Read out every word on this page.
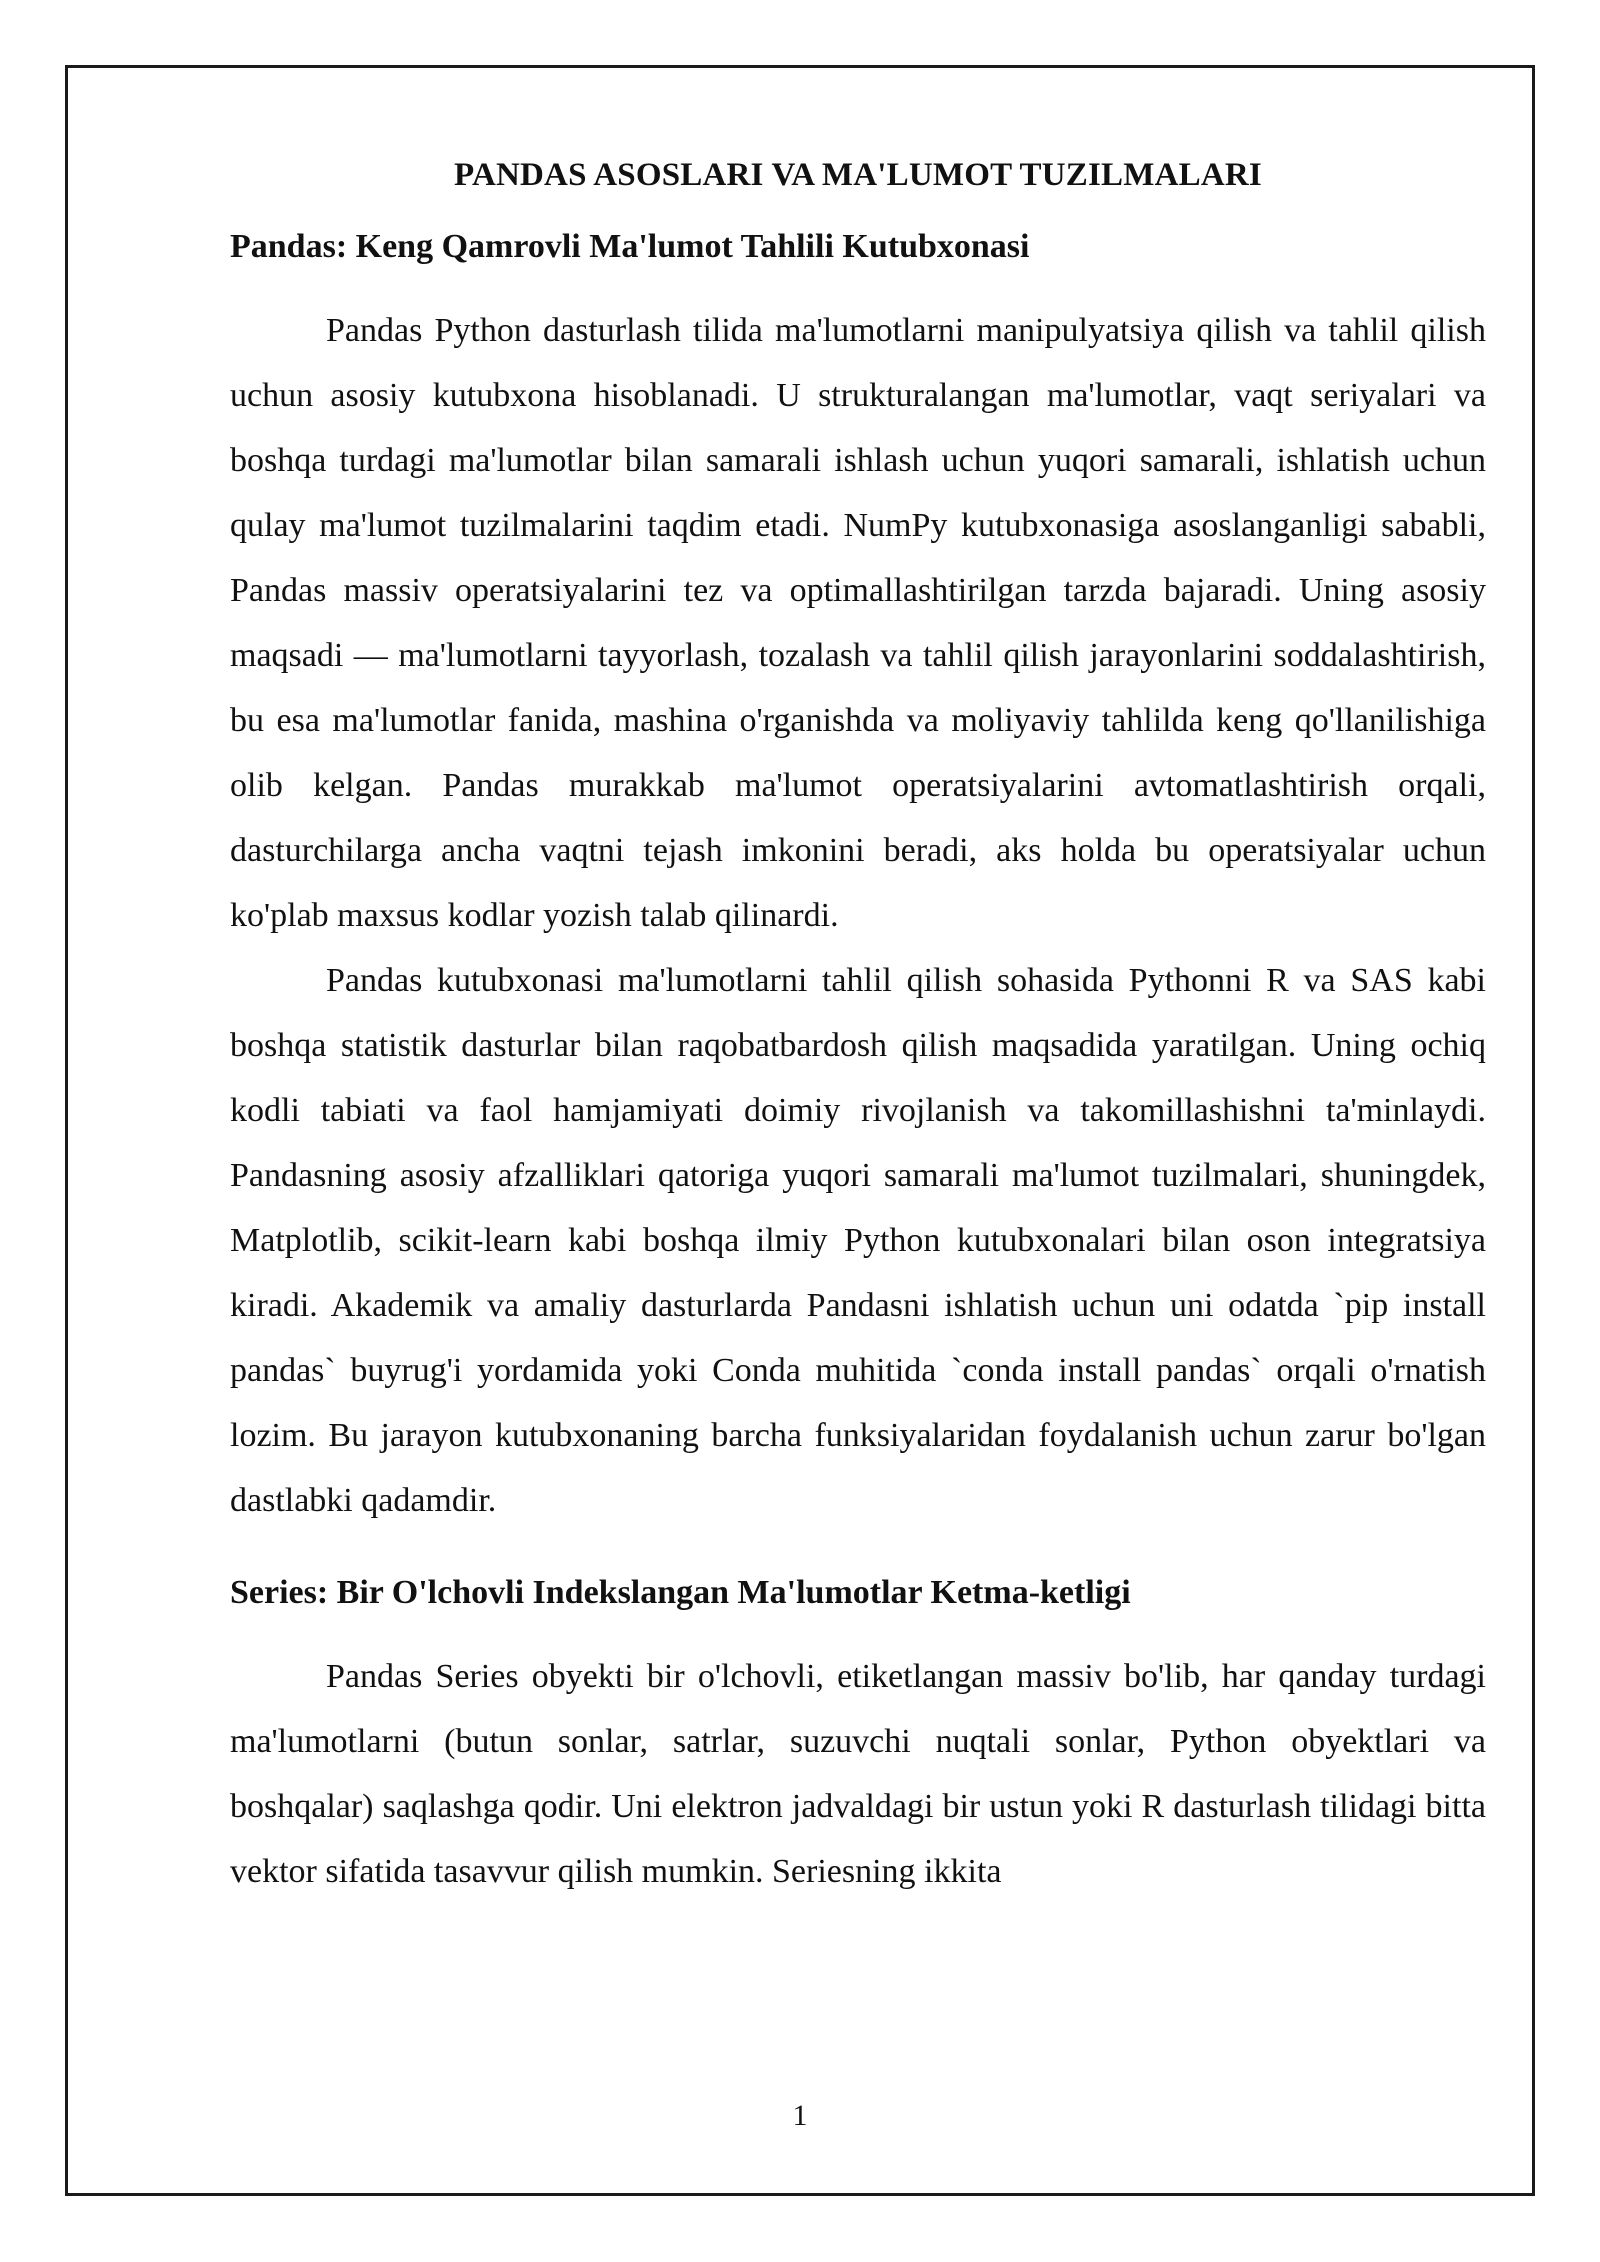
PANDAS ASOSLARI VA MA'LUMOT TUZILMALARI
Pandas: Keng Qamrovli Ma'lumot Tahlili Kutubxonasi

Pandas Python dasturlash tilida ma'lumotlarni manipulyatsiya qilish va tahlil qilish uchun asosiy kutubxona hisoblanadi. U strukturalangan ma'lumotlar, vaqt seriyalari va boshqa turdagi ma'lumotlar bilan samarali ishlash uchun yuqori samarali, ishlatish uchun qulay ma'lumot tuzilmalarini taqdim etadi. NumPy kutubxonasiga asoslanganligi sababli, Pandas massiv operatsiyalarini tez va optimallashtirilgan tarzda bajaradi. Uning asosiy maqsadi — ma'lumotlarni tayyorlash, tozalash va tahlil qilish jarayonlarini soddalashtirish, bu esa ma'lumotlar fanida, mashina o'rganishda va moliyaviy tahlilda keng qo'llanilishiga olib kelgan. Pandas murakkab ma'lumot operatsiyalarini avtomatlashtirish orqali, dasturchilarga ancha vaqtni tejash imkonini beradi, aks holda bu operatsiyalar uchun ko'plab maxsus kodlar yozish talab qilinardi.

Pandas kutubxonasi ma'lumotlarni tahlil qilish sohasida Pythonni R va SAS kabi boshqa statistik dasturlar bilan raqobatbardosh qilish maqsadida yaratilgan. Uning ochiq kodli tabiati va faol hamjamiyati doimiy rivojlanish va takomillashishni ta'minlaydi. Pandasning asosiy afzalliklari qatoriga yuqori samarali ma'lumot tuzilmalari, shuningdek, Matplotlib, scikit-learn kabi boshqa ilmiy Python kutubxonalari bilan oson integratsiya kiradi. Akademik va amaliy dasturlarda Pandasni ishlatish uchun uni odatda `pip install pandas` buyrug'i yordamida yoki Conda muhitida `conda install pandas` orqali o'rnatish lozim. Bu jarayon kutubxonaning barcha funksiyalaridan foydalanish uchun zarur bo'lgan dastlabki qadamdir.

Series: Bir O'lchovli Indekslangan Ma'lumotlar Ketma-ketligi

Pandas Series obyekti bir o'lchovli, etiketlangan massiv bo'lib, har qanday turdagi ma'lumotlarni (butun sonlar, satrlar, suzuvchi nuqtali sonlar, Python obyektlari va boshqalar) saqlashga qodir. Uni elektron jadvaldagi bir ustun yoki R dasturlash tilidagi bitta vektor sifatida tasavvur qilish mumkin. Seriesning ikkita

1
